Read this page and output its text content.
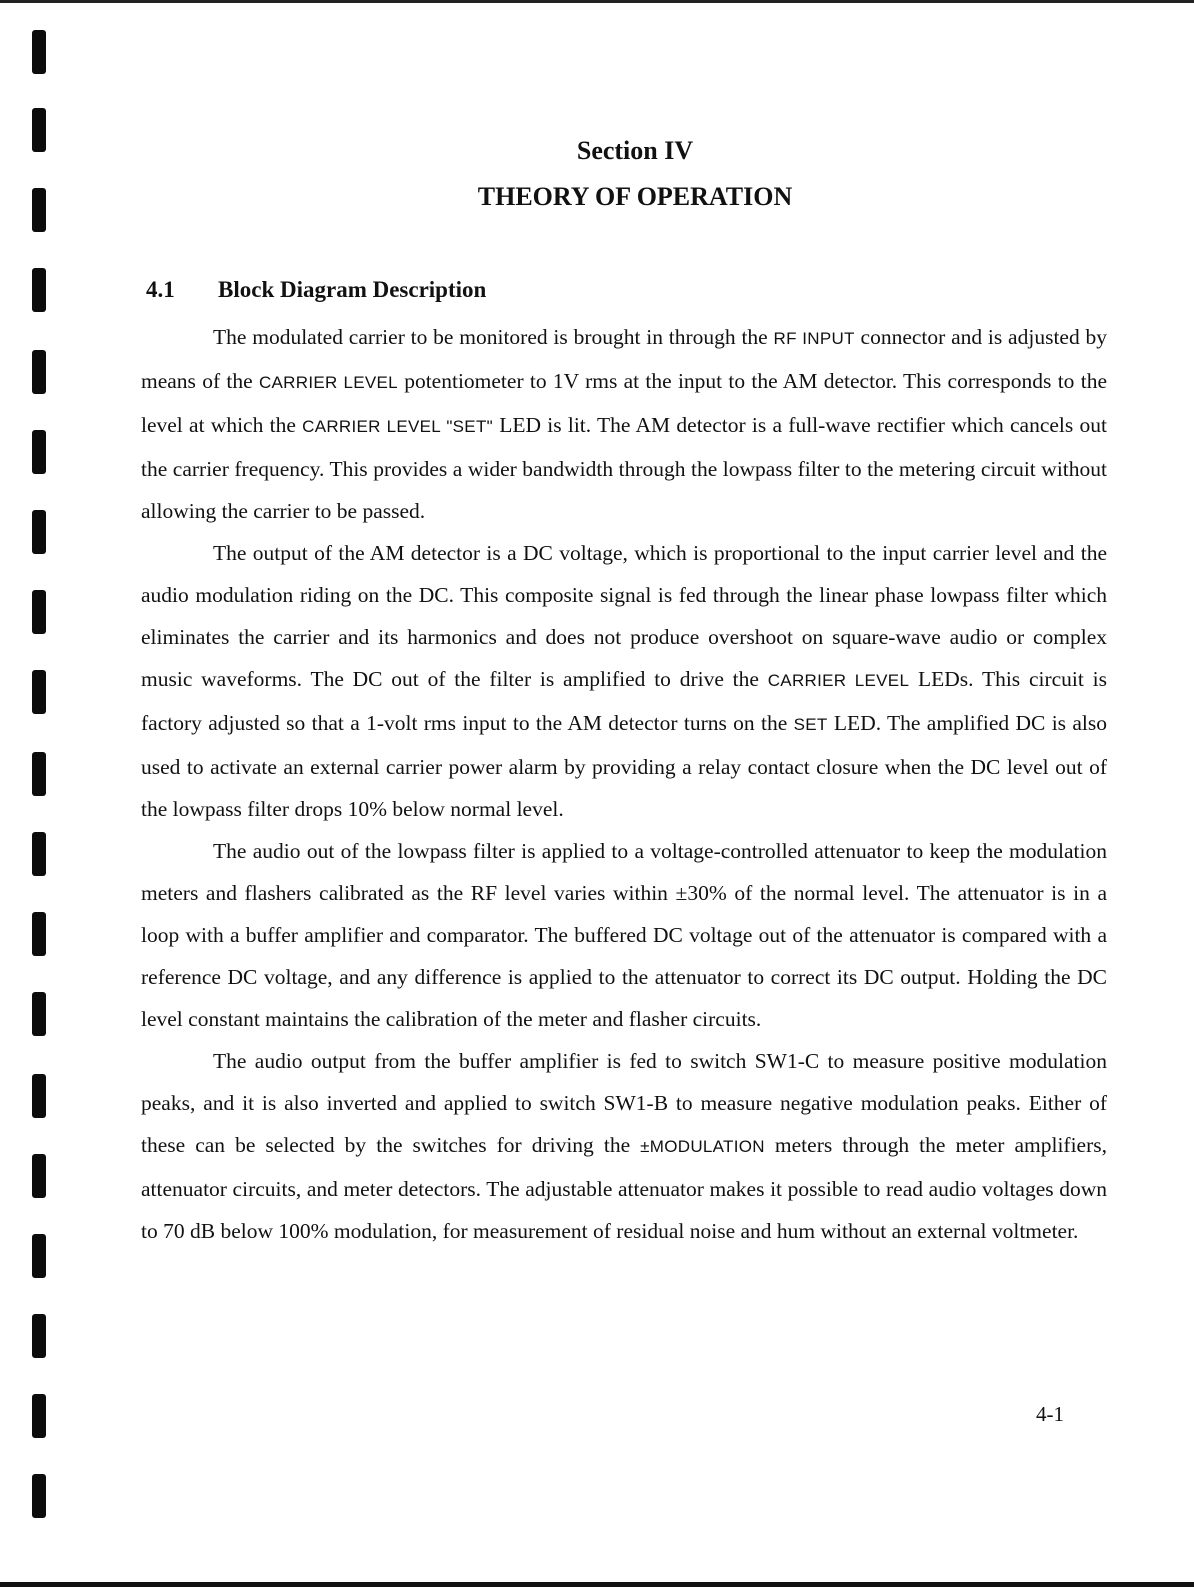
Section IV
THEORY OF OPERATION
4.1 Block Diagram Description

The modulated carrier to be monitored is brought in through the RF INPUT connector and is adjusted by means of the CARRIER LEVEL potentiometer to 1V rms at the input to the AM detector. This corresponds to the level at which the CARRIER LEVEL "SET" LED is lit. The AM detector is a full-wave rectifier which cancels out the carrier frequency. This provides a wider bandwidth through the lowpass filter to the metering circuit without allowing the carrier to be passed.

The output of the AM detector is a DC voltage, which is proportional to the input carrier level and the audio modulation riding on the DC. This composite signal is fed through the linear phase lowpass filter which eliminates the carrier and its harmonics and does not produce overshoot on square-wave audio or complex music waveforms. The DC out of the filter is amplified to drive the CARRIER LEVEL LEDs. This circuit is factory adjusted so that a 1-volt rms input to the AM detector turns on the SET LED. The amplified DC is also used to activate an external carrier power alarm by providing a relay contact closure when the DC level out of the lowpass filter drops 10% below normal level.

The audio out of the lowpass filter is applied to a voltage-controlled attenuator to keep the modulation meters and flashers calibrated as the RF level varies within ±30% of the normal level. The attenuator is in a loop with a buffer amplifier and comparator. The buffered DC voltage out of the attenuator is compared with a reference DC voltage, and any difference is applied to the attenuator to correct its DC output. Holding the DC level constant maintains the calibration of the meter and flasher circuits.

The audio output from the buffer amplifier is fed to switch SW1-C to measure positive modulation peaks, and it is also inverted and applied to switch SW1-B to measure negative modulation peaks. Either of these can be selected by the switches for driving the ±MODULATION meters through the meter amplifiers, attenuator circuits, and meter detectors. The adjustable attenuator makes it possible to read audio voltages down to 70 dB below 100% modulation, for measurement of residual noise and hum without an external voltmeter.

4-1
